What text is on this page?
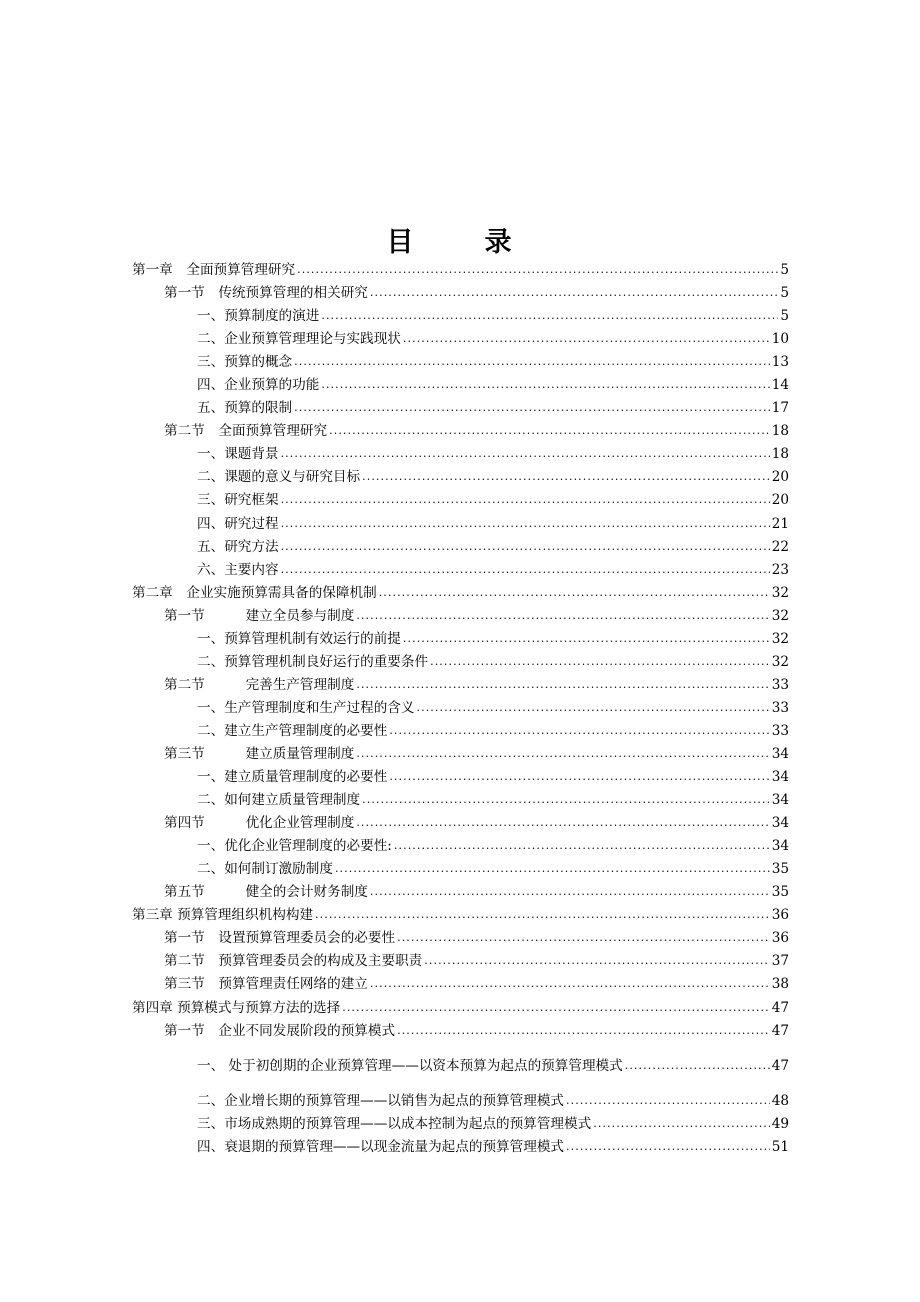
目　录
第一章　 全面预算管理研究 .....	5
第一节　 传统预算管理的相关研究 .....	5
一、 预算制度的演进 .....	5
二、 企业预算管理理论与实践现状 .....	10
三、 预算的概念 .....	13
四、 企业预算的功能 .....	14
五、 预算的限制 .....	17
第二节　 全面预算管理研究 .....	18
一、 课题背景 .....	18
二、 课题的意义与研究目标 .....	20
三、 研究框架 .....	20
四、 研究过程 .....	21
五、 研究方法 .....	22
六、 主要内容 .....	23
第二章　 企业实施预算需具备的保障机制 .....	32
第一节　　　 建立全员参与制度 .....	32
一、 预算管理机制有效运行的前提 .....	32
二、 预算管理机制良好运行的重要条件 .....	32
第二节　　　 完善生产管理制度 .....	33
一、 生产管理制度和生产过程的含义 .....	33
二、 建立生产管理制度的必要性 .....	33
第三节　　　 建立质量管理制度 .....	34
一、 建立质量管理制度的必要性 .....	34
二、 如何建立质量管理制度 .....	34
第四节　　　 优化企业管理制度 .....	34
一、 优化企业管理制度的必要性: .....	34
二、 如何制订激励制度 .....	35
第五节　　　 健全的会计财务制度 .....	35
第三章 预算管理组织机构构建 .....	36
第一节　 设置预算管理委员会的必要性 .....	36
第二节　 预算管理委员会的构成及主要职责 .....	37
第三节　 预算管理责任网络的建立 .....	38
第四章 预算模式与预算方法的选择 .....	47
第一节　 企业不同发展阶段的预算模式 .....	47
一、 处于初创期的企业预算管理——以资本预算为起点的预算管理模式 .....	47
二、 企业增长期的预算管理——以销售为起点的预算管理模式 .....	48
三、 市场成熟期的预算管理——以成本控制为起点的预算管理模式 .....	49
四、 衰退期的预算管理——以现金流量为起点的预算管理模式 .....	51
